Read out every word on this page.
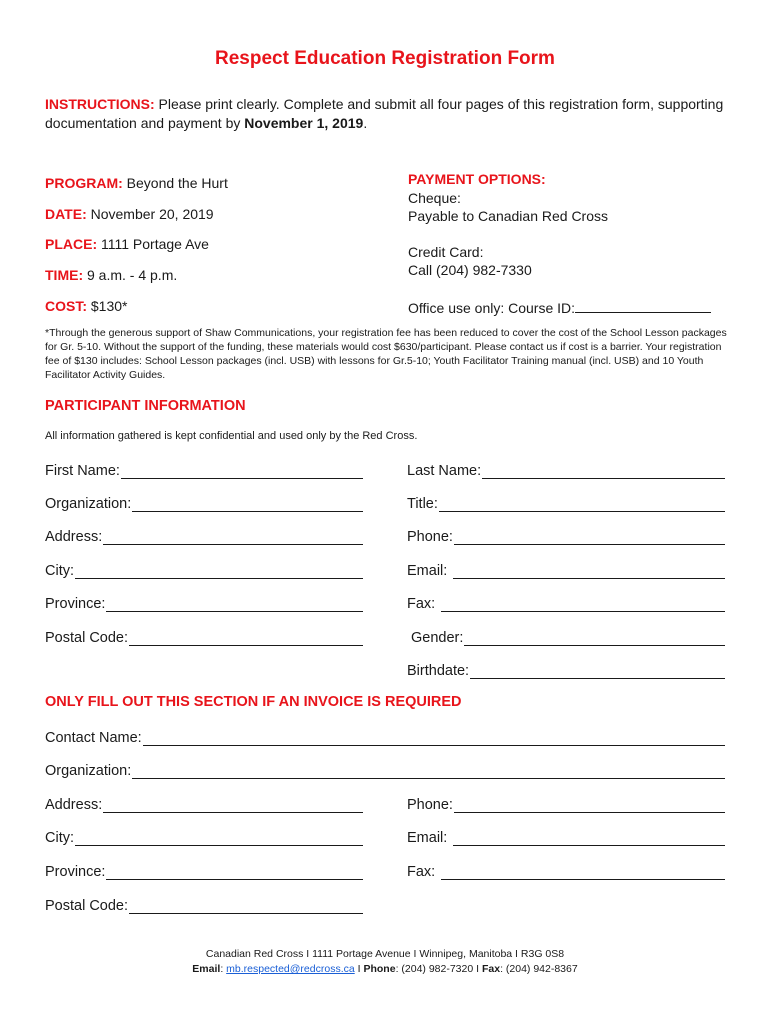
Respect Education Registration Form
INSTRUCTIONS: Please print clearly. Complete and submit all four pages of this registration form, supporting documentation and payment by November 1, 2019.
PROGRAM: Beyond the Hurt
DATE: November 20, 2019
PLACE: 1111 Portage Ave
TIME: 9 a.m. - 4 p.m.
COST: $130*
PAYMENT OPTIONS:
Cheque:
Payable to Canadian Red Cross
Credit Card:
Call (204) 982-7330
Office use only: Course ID:
*Through the generous support of Shaw Communications, your registration fee has been reduced to cover the cost of the School Lesson packages for Gr. 5-10. Without the support of the funding, these materials would cost $630/participant. Please contact us if cost is a barrier. Your registration fee of $130 includes: School Lesson packages (incl. USB) with lessons for Gr.5-10; Youth Facilitator Training manual (incl. USB) and 10 Youth Facilitator Activity Guides.
PARTICIPANT INFORMATION
All information gathered is kept confidential and used only by the Red Cross.
First Name:	Last Name:
Organization:	Title:
Address:	Phone:
City:	Email:
Province:	Fax:
Postal Code:	Gender:
Birthdate:
ONLY FILL OUT THIS SECTION IF AN INVOICE IS REQUIRED
Contact Name:
Organization:
Address:	Phone:
City:	Email:
Province:	Fax:
Postal Code:
Canadian Red Cross I 1111 Portage Avenue I Winnipeg, Manitoba I R3G 0S8
Email: mb.respected@redcross.ca I Phone: (204) 982-7320 I Fax: (204) 942-8367
